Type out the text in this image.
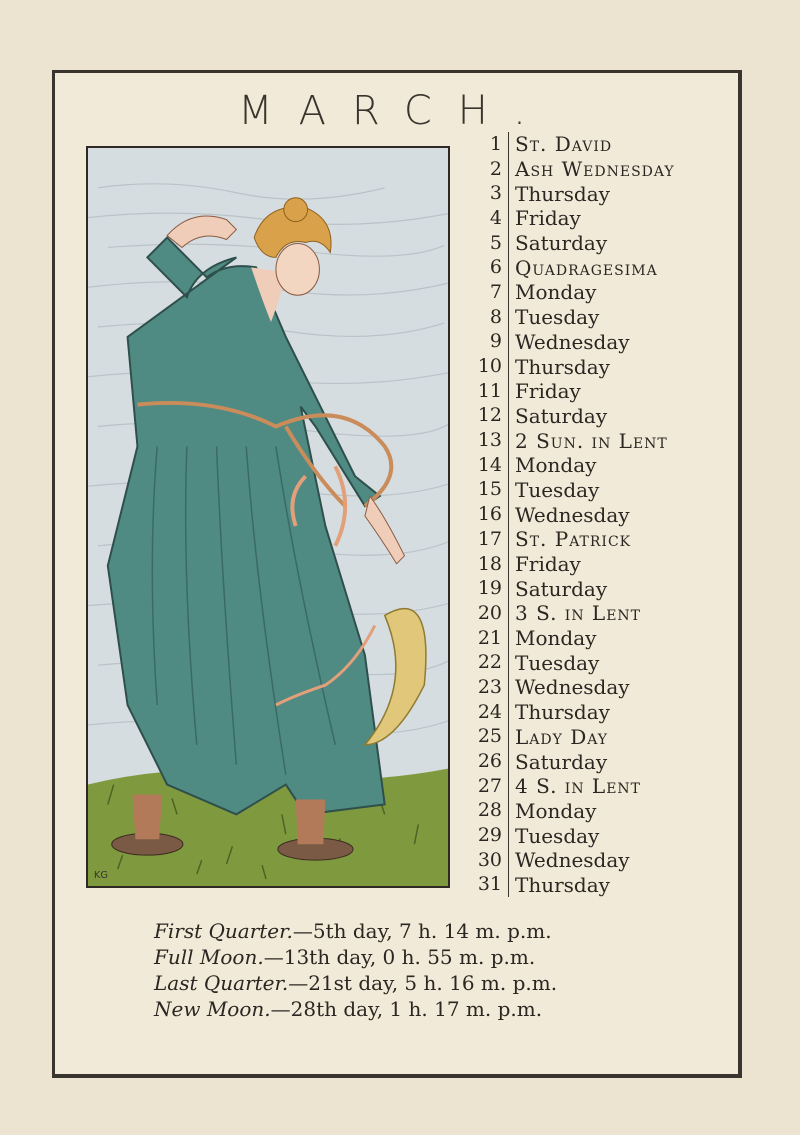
MARCH.
KG
1 St. David
2 Ash Wednesday
3 Thursday
4 Friday
5 Saturday
6 Quadragesima
7 Monday
8 Tuesday
9 Wednesday
10 Thursday
11 Friday
12 Saturday
13 2 Sun. in Lent
14 Monday
15 Tuesday
16 Wednesday
17 St. Patrick
18 Friday
19 Saturday
20 3 S. in Lent
21 Monday
22 Tuesday
23 Wednesday
24 Thursday
25 Lady Day
26 Saturday
27 4 S. in Lent
28 Monday
29 Tuesday
30 Wednesday
31 Thursday
First Quarter.—5th day, 7 h. 14 m. p.m.
Full Moon.—13th day, 0 h. 55 m. p.m.
Last Quarter.—21st day, 5 h. 16 m. p.m.
New Moon.—28th day, 1 h. 17 m. p.m.
